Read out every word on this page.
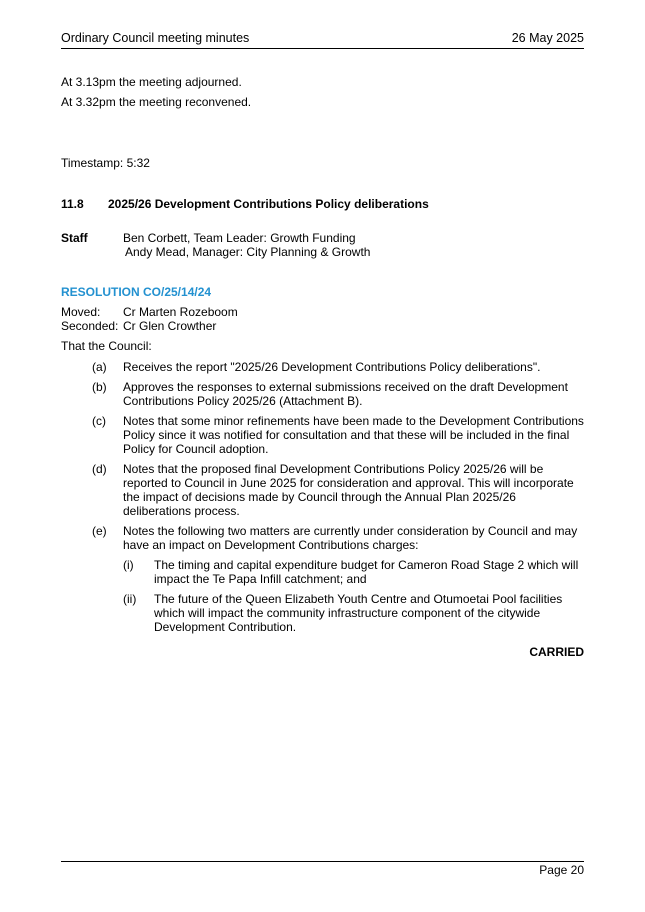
Ordinary Council meeting minutes	26 May 2025
At 3.13pm the meeting adjourned.
At 3.32pm the meeting reconvened.
Timestamp: 5:32
11.8 2025/26 Development Contributions Policy deliberations
Staff	Ben Corbett, Team Leader: Growth Funding
Andy Mead, Manager: City Planning & Growth
RESOLUTION CO/25/14/24
Moved: Cr Marten Rozeboom
Seconded: Cr Glen Crowther
That the Council:
(a) Receives the report "2025/26 Development Contributions Policy deliberations".
(b) Approves the responses to external submissions received on the draft Development
Contributions Policy 2025/26 (Attachment B).
(c) Notes that some minor refinements have been made to the Development Contributions
Policy since it was notified for consultation and that these will be included in the final
Policy for Council adoption.
(d) Notes that the proposed final Development Contributions Policy 2025/26 will be
reported to Council in June 2025 for consideration and approval. This will incorporate
the impact of decisions made by Council through the Annual Plan 2025/26
deliberations process.
(e) Notes the following two matters are currently under consideration by Council and may
have an impact on Development Contributions charges:
(i) The timing and capital expenditure budget for Cameron Road Stage 2 which will
impact the Te Papa Infill catchment; and
(ii) The future of the Queen Elizabeth Youth Centre and Otumoetai Pool facilities
which will impact the community infrastructure component of the citywide
Development Contribution.
CARRIED
Page 20
